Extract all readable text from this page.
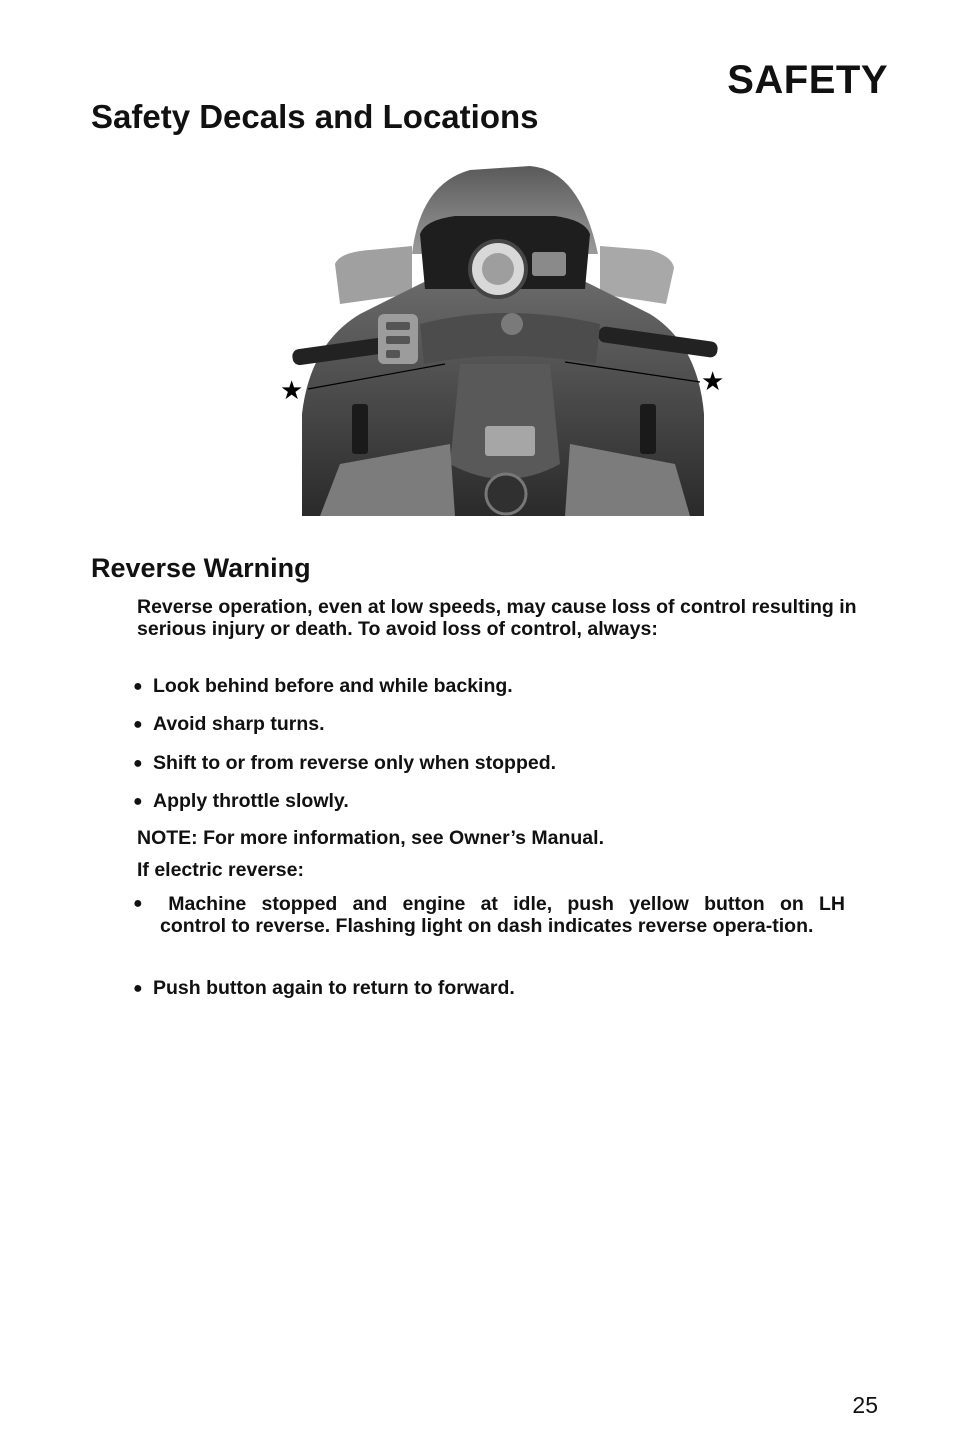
SAFETY
Safety Decals and Locations
★	★
Reverse Warning

Reverse operation, even at low speeds, may cause loss of control resulting in serious injury or death. To avoid loss of control, always:

● Look behind before and while backing.
● Avoid sharp turns.
● Shift to or from reverse only when stopped.
● Apply throttle slowly.
NOTE: For more information, see Owner’s Manual.
If electric reverse:
●	Machine stopped and engine at idle, push yellow button on LH
control to reverse. Flashing light on dash indicates reverse opera-tion.
● Push button again to return to forward.
25
